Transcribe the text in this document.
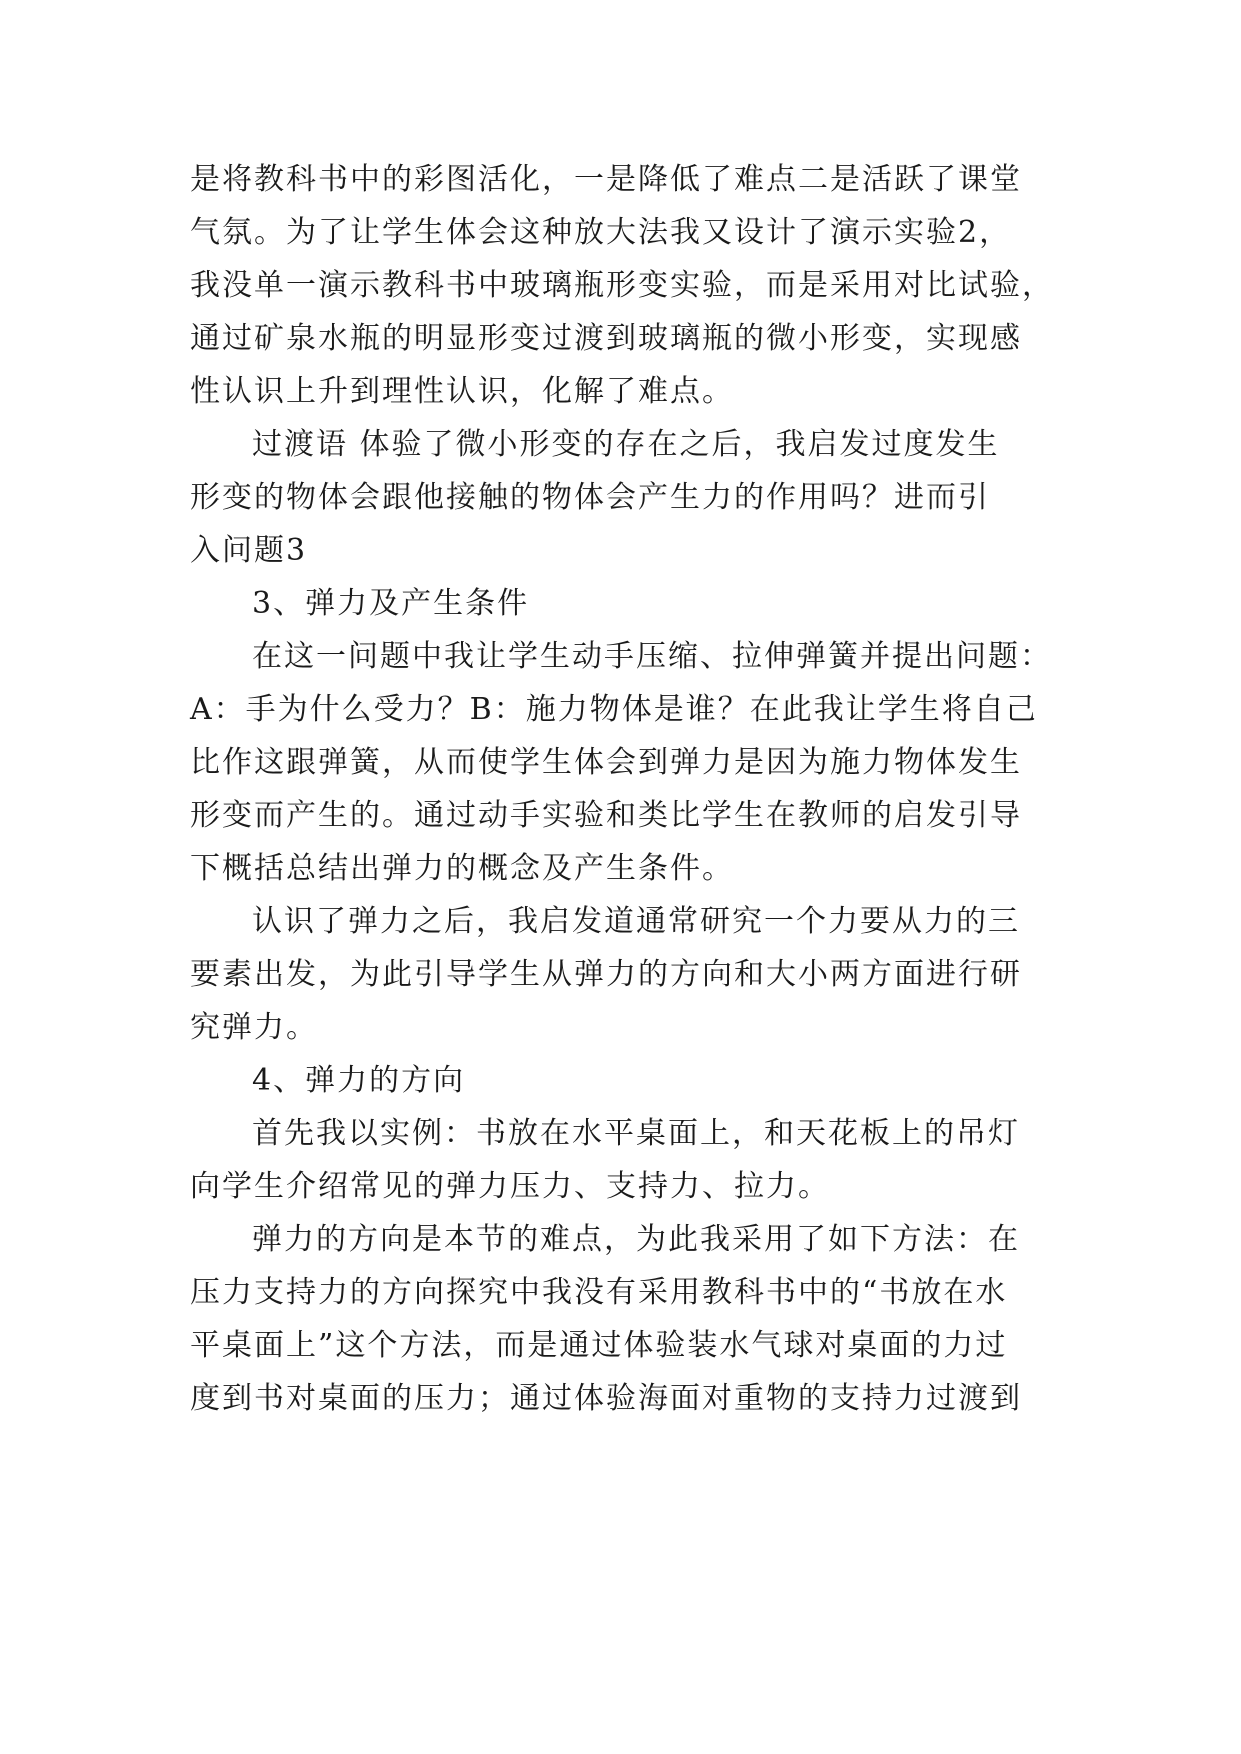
是将教科书中的彩图活化，一是降低了难点二是活跃了课堂

气氛。为了让学生体会这种放大法我又设计了演示实验2，

我没单一演示教科书中玻璃瓶形变实验，而是采用对比试验，

通过矿泉水瓶的明显形变过渡到玻璃瓶的微小形变，实现感

性认识上升到理性认识，化解了难点。

过渡语 体验了微小形变的存在之后，我启发过度发生

形变的物体会跟他接触的物体会产生力的作用吗？进而引

入问题3

3、弹力及产生条件

在这一问题中我让学生动手压缩、拉伸弹簧并提出问题：

A：手为什么受力？B：施力物体是谁？在此我让学生将自己

比作这跟弹簧，从而使学生体会到弹力是因为施力物体发生

形变而产生的。通过动手实验和类比学生在教师的启发引导

下概括总结出弹力的概念及产生条件。

认识了弹力之后，我启发道通常研究一个力要从力的三

要素出发，为此引导学生从弹力的方向和大小两方面进行研

究弹力。

4、弹力的方向

首先我以实例：书放在水平桌面上，和天花板上的吊灯

向学生介绍常见的弹力压力、支持力、拉力。

弹力的方向是本节的难点，为此我采用了如下方法：在

压力支持力的方向探究中我没有采用教科书中的“书放在水

平桌面上”这个方法，而是通过体验装水气球对桌面的力过

度到书对桌面的压力；通过体验海面对重物的支持力过渡到
